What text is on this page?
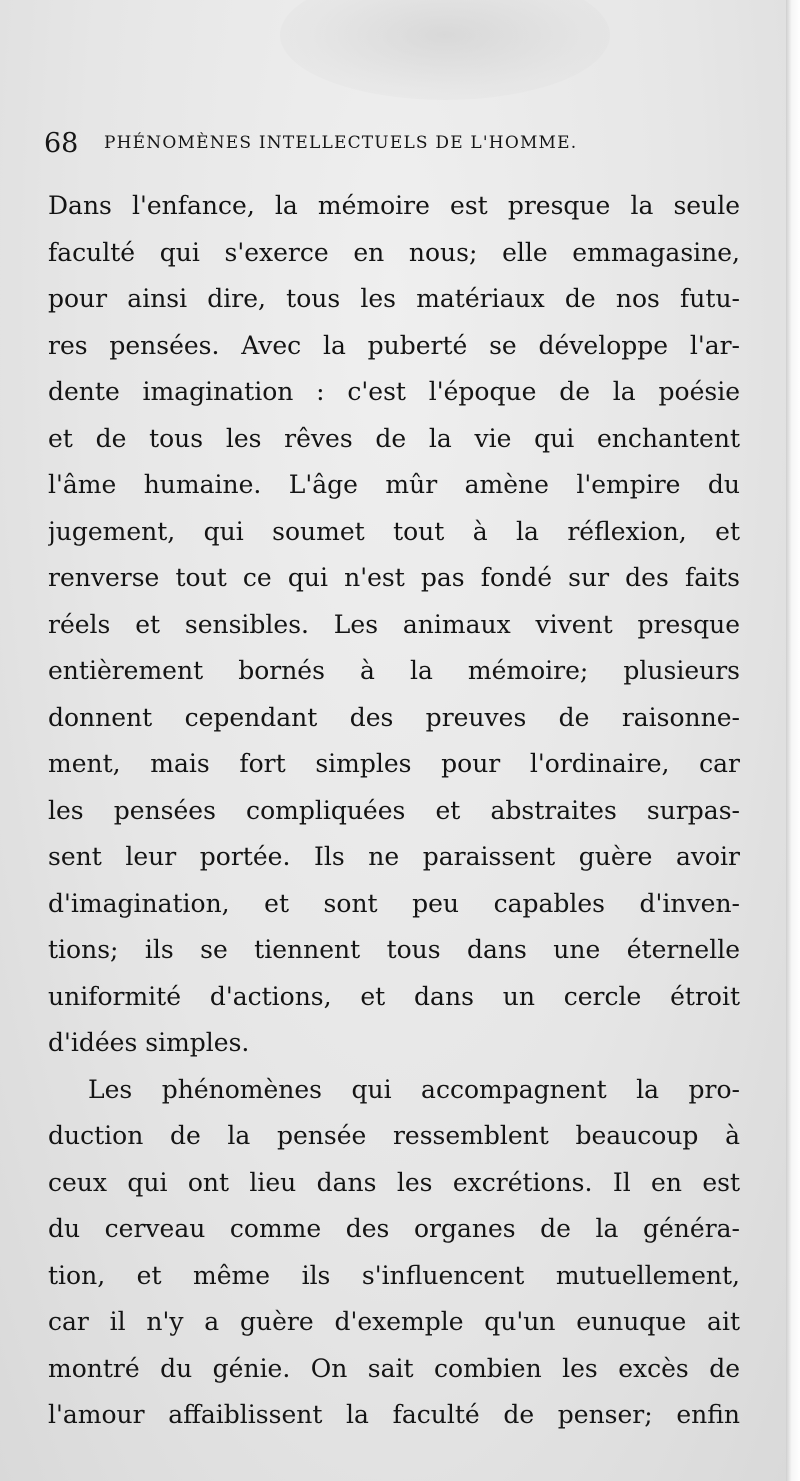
68 PHÉNOMÈNES INTELLECTUELS DE L'HOMME.
Dans l'enfance, la mémoire est presque la seule
faculté qui s'exerce en nous; elle emmagasine,
pour ainsi dire, tous les matériaux de nos futu-
res pensées. Avec la puberté se développe l'ar-
dente imagination : c'est l'époque de la poésie
et de tous les rêves de la vie qui enchantent
l'âme humaine. L'âge mûr amène l'empire du
jugement, qui soumet tout à la réflexion, et
renverse tout ce qui n'est pas fondé sur des faits
réels et sensibles. Les animaux vivent presque
entièrement bornés à la mémoire; plusieurs
donnent cependant des preuves de raisonne-
ment, mais fort simples pour l'ordinaire, car
les pensées compliquées et abstraites surpas-
sent leur portée. Ils ne paraissent guère avoir
d'imagination, et sont peu capables d'inven-
tions; ils se tiennent tous dans une éternelle
uniformité d'actions, et dans un cercle étroit
d'idées simples.
Les phénomènes qui accompagnent la pro-
duction de la pensée ressemblent beaucoup à
ceux qui ont lieu dans les excrétions. Il en est
du cerveau comme des organes de la généra-
tion, et même ils s'influencent mutuellement,
car il n'y a guère d'exemple qu'un eunuque ait
montré du génie. On sait combien les excès de
l'amour affaiblissent la faculté de penser; enfin
